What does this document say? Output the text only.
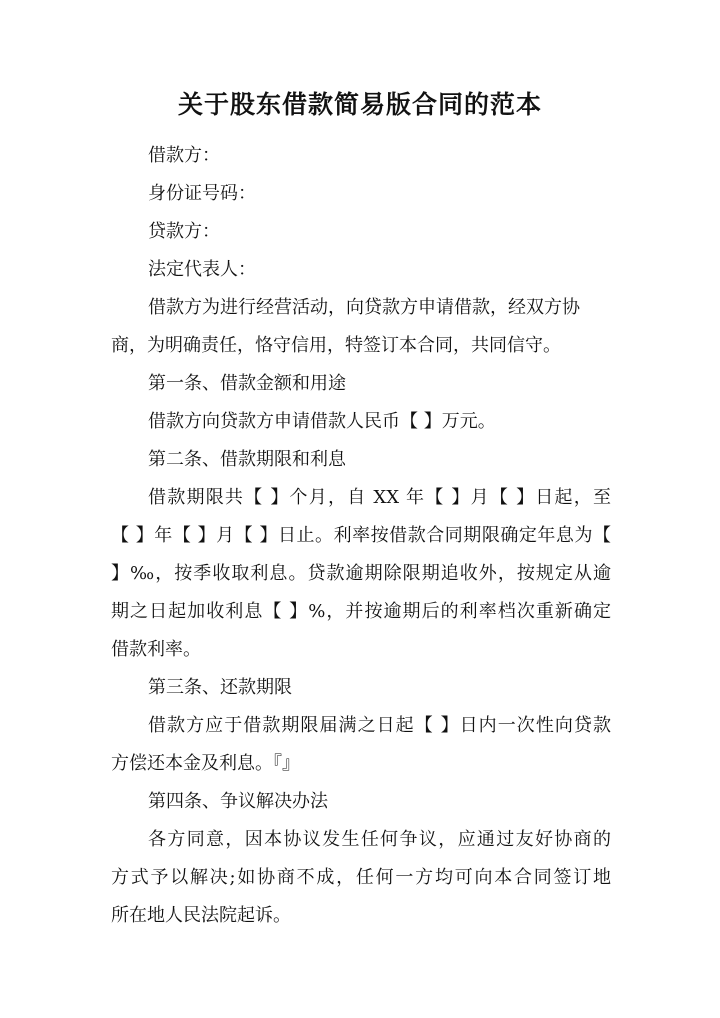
关于股东借款简易版合同的范本
借款方：
身份证号码：
贷款方：
法定代表人：
借款方为进行经营活动，向贷款方申请借款，经双方协
商，为明确责任，恪守信用，特签订本合同，共同信守。
第一条、借款金额和用途
借款方向贷款方申请借款人民币【 】万元。
第二条、借款期限和利息
借款期限共【 】个月，自 XX 年【 】月【 】日起，至
【 】年【 】月【 】日止。利率按借款合同期限确定年息为【
】‰，按季收取利息。贷款逾期除限期追收外，按规定从逾
期之日起加收利息【 】%，并按逾期后的利率档次重新确定
借款利率。
第三条、还款期限
借款方应于借款期限届满之日起【 】日内一次性向贷款
方偿还本金及利息。『』
第四条、争议解决办法
各方同意，因本协议发生任何争议，应通过友好协商的
方式予以解决;如协商不成，任何一方均可向本合同签订地
所在地人民法院起诉。
